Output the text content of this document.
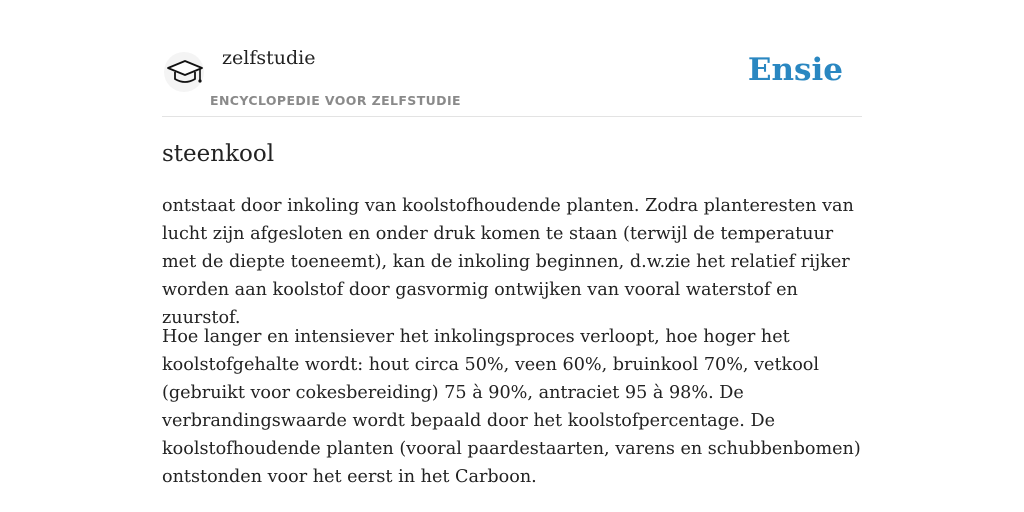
zelfstudie
ENCYCLOPEDIE VOOR ZELFSTUDIE
Ensie
steenkool

ontstaat door inkoling van koolstofhoudende planten. Zodra planteresten van lucht zijn afgesloten en onder druk komen te staan (terwijl de temperatuur met de diepte toeneemt), kan de inkoling beginnen, d.w.zie het relatief rijker worden aan koolstof door gasvormig ontwijken van vooral waterstof en zuurstof.

Hoe langer en intensiever het inkolingsproces verloopt, hoe hoger het koolstofgehalte wordt: hout circa 50%, veen 60%, bruinkool 70%, vetkool (gebruikt voor cokesbereiding) 75 à 90%, antraciet 95 à 98%. De verbrandingswaarde wordt bepaald door het koolstofpercentage. De koolstofhoudende planten (vooral paardestaarten, varens en schubbenbomen) ontstonden voor het eerst in het Carboon.
